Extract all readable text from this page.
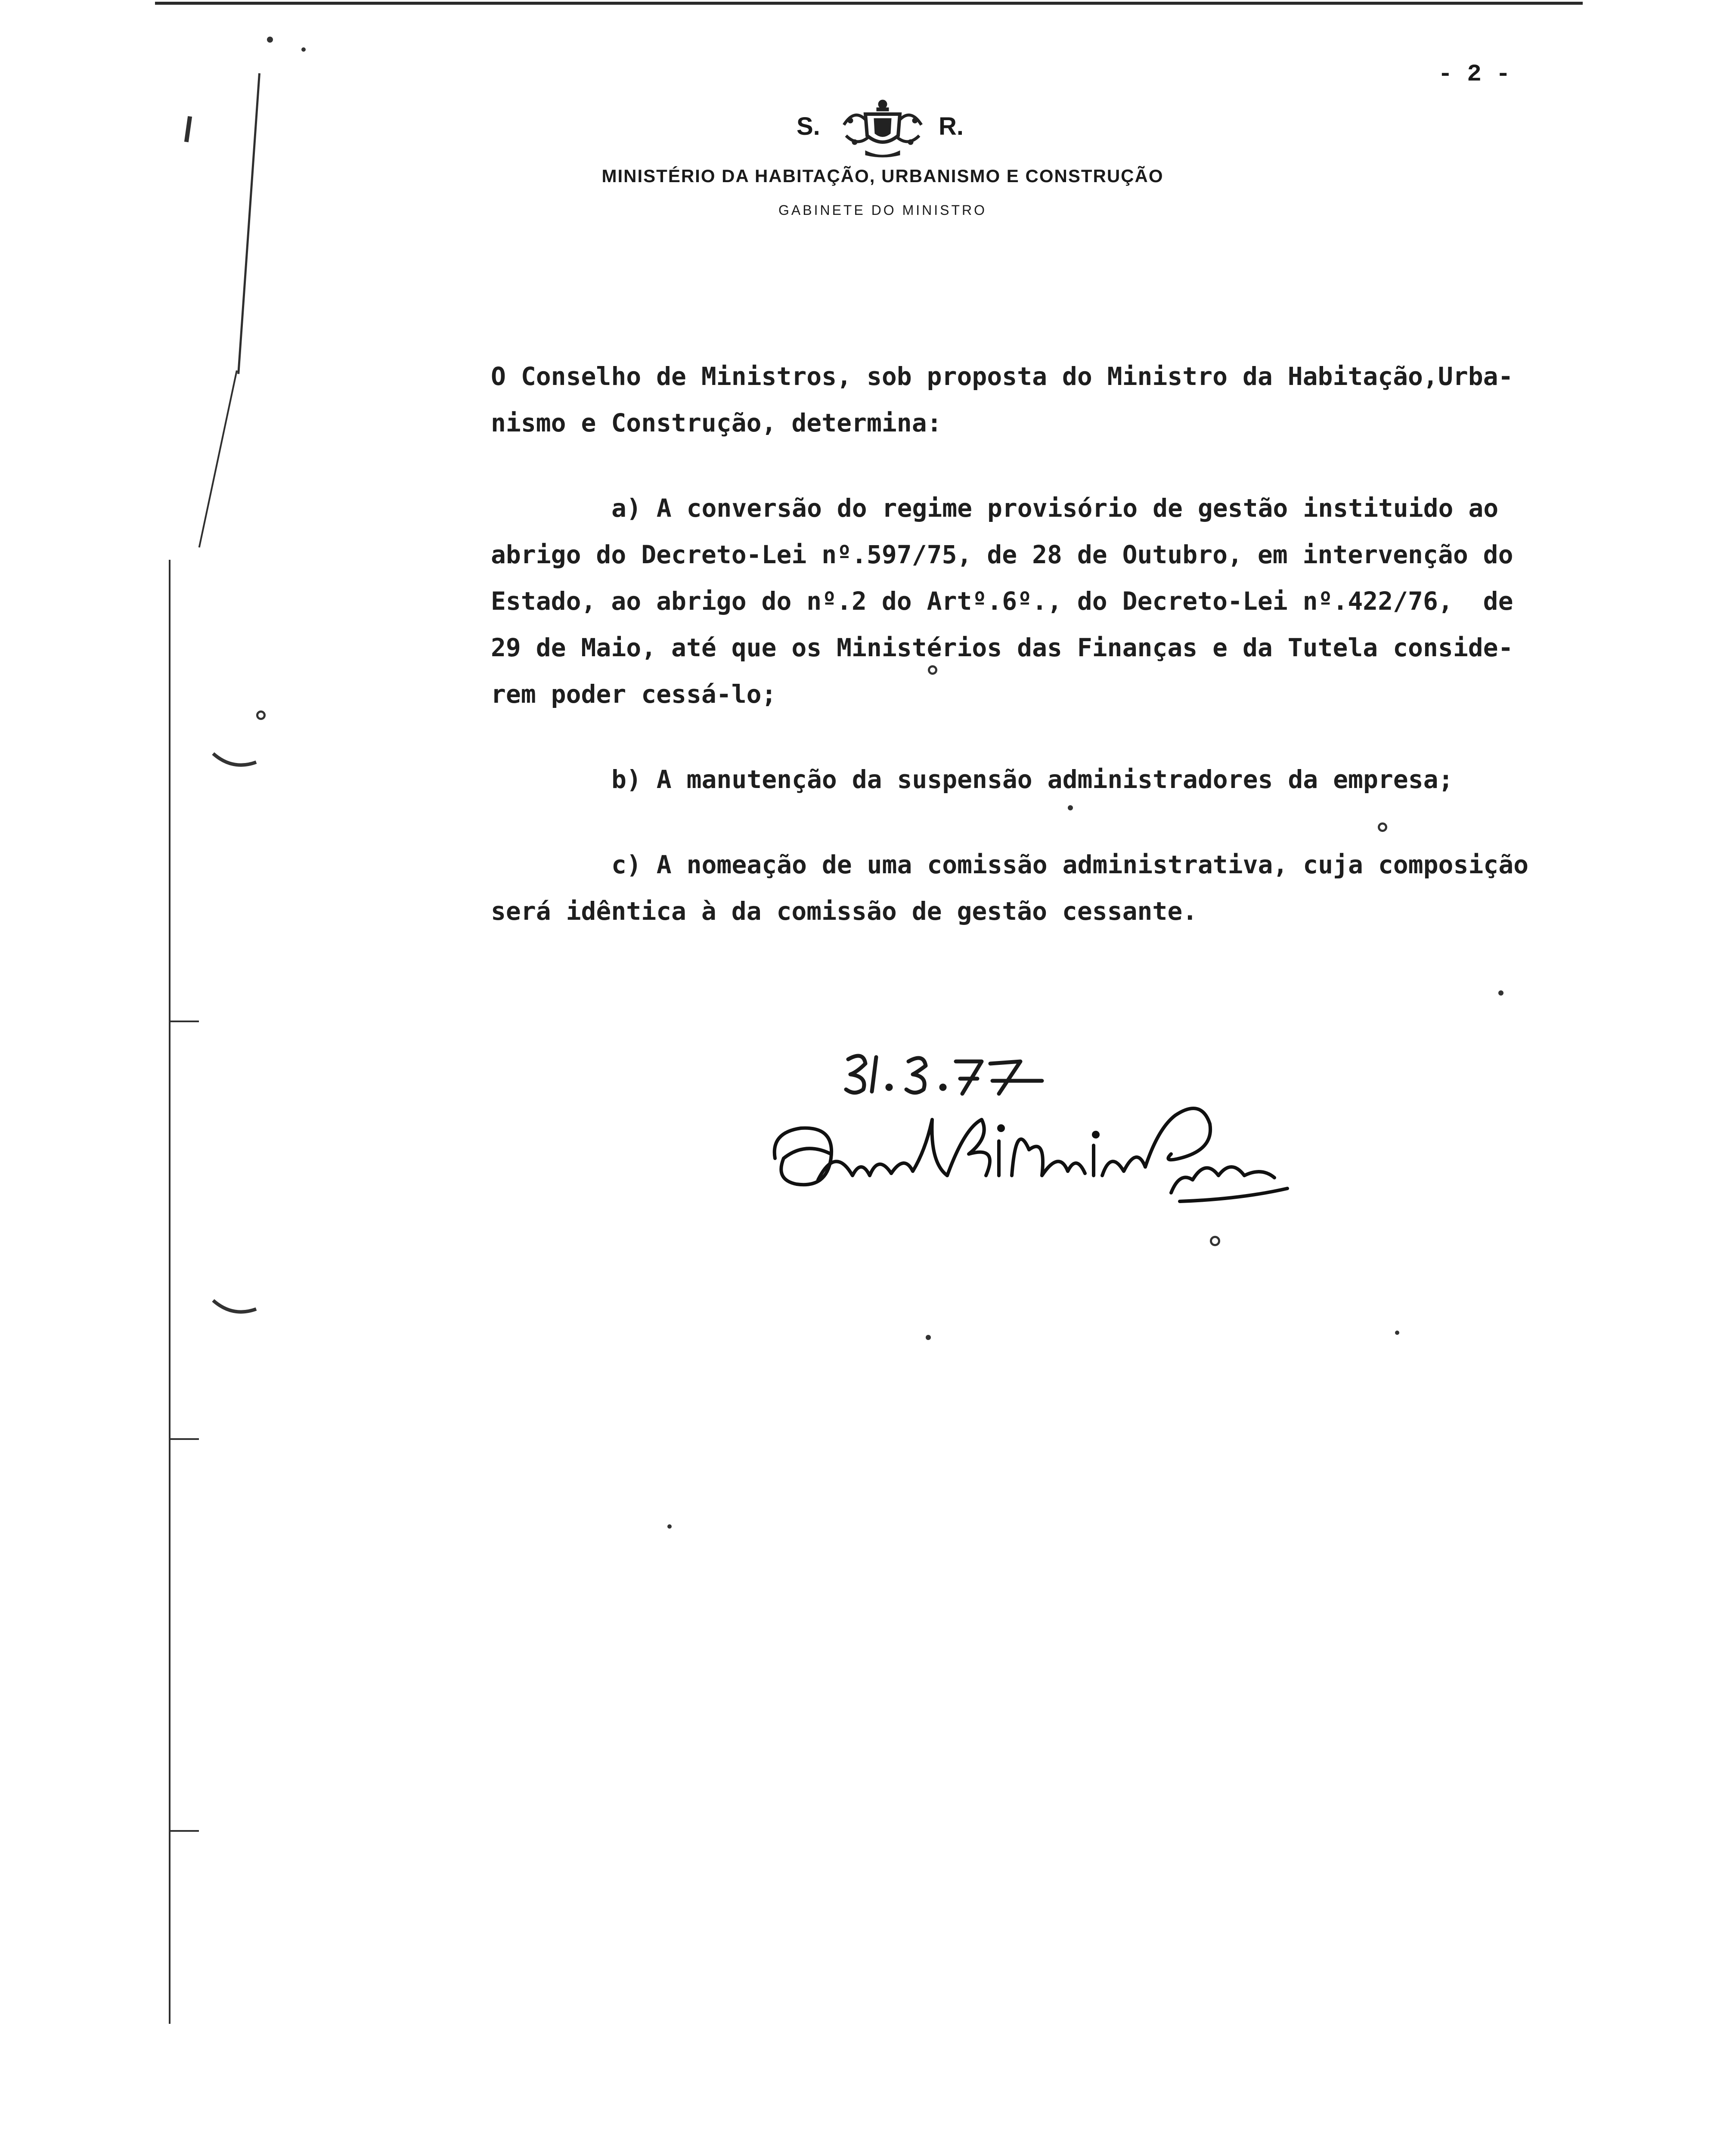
- 2 -
S.	R.
MINISTÉRIO DA HABITAÇÃO, URBANISMO E CONSTRUÇÃO
GABINETE DO MINISTRO
O Conselho de Ministros, sob proposta do Ministro da Habitação,Urba-
nismo e Construção, determina:
a) A conversão do regime provisório de gestão instituido ao
abrigo do Decreto-Lei nº.597/75, de 28 de Outubro, em intervenção do
Estado, ao abrigo do nº.2 do Artº.6º., do Decreto-Lei nº.422/76,  de
29 de Maio, até que os Ministérios das Finanças e da Tutela conside-
rem poder cessá-lo;
b) A manutenção da suspensão administradores da empresa;
c) A nomeação de uma comissão administrativa, cuja composição
será idêntica à da comissão de gestão cessante.
